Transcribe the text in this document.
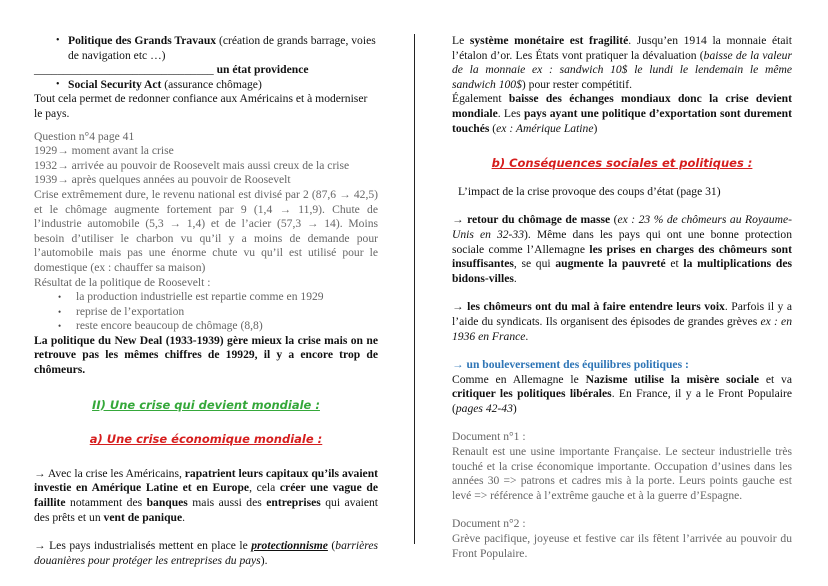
• Politique des Grands Travaux (création de grands barrage, voies de navigation etc …)

_______________________________ un état providence

• Social Security Act (assurance chômage)

Tout cela permet de redonner confiance aux Américains et à moderniser le pays.

Question n°4 page 41

1929→ moment avant la crise

1932→ arrivée au pouvoir de Roosevelt mais aussi creux de la crise

1939→ après quelques années au pouvoir de Roosevelt

Crise extrêmement dure, le revenu national est divisé par 2 (87,6 → 42,5) et le chômage augmente fortement par 9 (1,4 → 11,9). Chute de l’industrie automobile (5,3 → 1,4) et de l’acier (57,3 → 14). Moins besoin d’utiliser le charbon vu qu’il y a moins de demande pour l’automobile mais pas une énorme chute vu qu’il est utilisé pour le domestique (ex : chauffer sa maison)

Résultat de la politique de Roosevelt :

• la production industrielle est repartie comme en 1929

• reprise de l’exportation

• reste encore beaucoup de chômage (8,8)

La politique du New Deal (1933-1939) gère mieux la crise mais on ne retrouve pas les mêmes chiffres de 19929, il y a encore trop de chômeurs.

II) Une crise qui devient mondiale :

a) Une crise économique mondiale :

→ Avec la crise les Américains, rapatrient leurs capitaux qu’ils avaient investie en Amérique Latine et en Europe, cela créer une vague de faillite notamment des banques mais aussi des entreprises qui avaient des prêts et un vent de panique.

→ Les pays industrialisés mettent en place le protectionnisme (barrières douanières pour protéger les entreprises du pays).

Le système monétaire est fragilité. Jusqu’en 1914 la monnaie était l’étalon d’or. Les États vont pratiquer la dévaluation (baisse de la valeur de la monnaie ex : sandwich 10$ le lundi le lendemain le même sandwich 100$) pour rester compétitif.

Également baisse des échanges mondiaux donc la crise devient mondiale. Les pays ayant une politique d’exportation sont durement touchés (ex : Amérique Latine)

b) Conséquences sociales et politiques :

L’impact de la crise provoque des coups d’état (page 31)

→ retour du chômage de masse (ex : 23 % de chômeurs au Royaume-Unis en 32-33). Même dans les pays qui ont une bonne protection sociale comme l’Allemagne les prises en charges des chômeurs sont insuffisantes, se qui augmente la pauvreté et la multiplications des bidons-villes.

→ les chômeurs ont du mal à faire entendre leurs voix. Parfois il y a l’aide du syndicats. Ils organisent des épisodes de grandes grèves ex : en 1936 en France.

→ un bouleversement des équilibres politiques :

Comme en Allemagne le Nazisme utilise la misère sociale et va critiquer les politiques libérales. En France, il y a le Front Populaire (pages 42-43)

Document n°1 :

Renault est une usine importante Française. Le secteur industrielle très touché et la crise économique importante. Occupation d’usines dans les années 30 => patrons et cadres mis à la porte. Leurs points gauche est levé => référence à l’extrême gauche et à la guerre d’Espagne.

Document n°2 :

Grève pacifique, joyeuse et festive car ils fêtent l’arrivée au pouvoir du Front Populaire.
